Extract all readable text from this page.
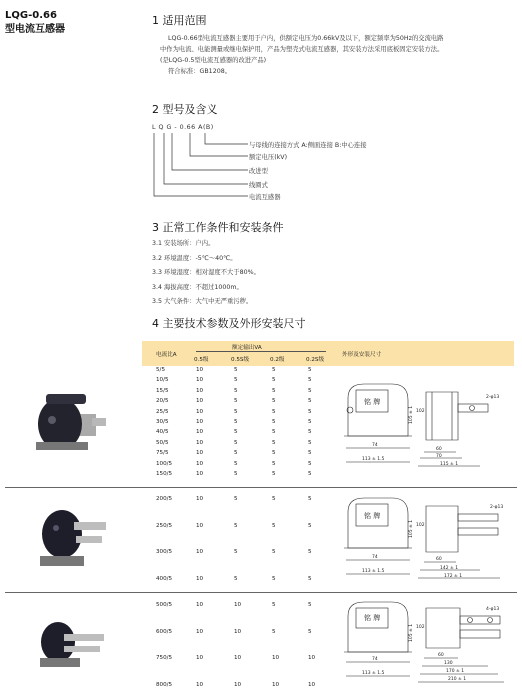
LQG-0.66
型电流互感器
1 适用范围
LQG-0.66型电流互感器主要用于户内，供额定电压为0.66kV及以下，额定频率为50Hz的交流电路
中作为电流、电能测量或继电保护用，产品为塑壳式电流互感器，其安装方法采用底板固定安装方法。
(是LQG-0.5型电流互感器的改进产品)
符合标准：GB1208。
2 型号及含义
L Q G - 0.66 A(B)
与母线的连接方式 A:侧面连接 B:中心连接
额定电压(kV)
改进型
线圈式
电流互感器
3 正常工作条件和安装条件
3.1 安装场所：户内。
3.2 环境温度：-5℃～40℃。
3.3 环境湿度：相对湿度不大于80%。
3.4 海拔高度：不超过1000m。
3.5 大气条件：大气中无严重污秽。
4 主要技术参数及外形安装尺寸
电流比A
额定输出VA
0.5级	0.5S级	0.2级	0.2S级
外形及安装尺寸
5/5	10	5	5	5
10/5	10	5	5	5
15/5	10	5	5	5
20/5	10	5	5	5
25/5	10	5	5	5
30/5	10	5	5	5
40/5	10	5	5	5
50/5	10	5	5	5
75/5	10	5	5	5
100/5	10	5	5	5
150/5	10	5	5	5
200/5	10	5	5	5
250/5	10	5	5	5
300/5	10	5	5	5
400/5	10	5	5	5
500/5	10	10	5	5
600/5	10	10	5	5
750/5	10	10	10	10
800/5	10	10	10	10
铭 牌
102
105 ± 1
2-φ13
74
113 ± 1.5
60
70
115 ± 1
铭 牌
102
105 ± 1
2-φ13
74
113 ± 1.5
60
142 ± 1
172 ± 1
铭 牌
102
105 ± 1
4-φ13
74
113 ± 1.5
60
130
170 ± 1
210 ± 1
